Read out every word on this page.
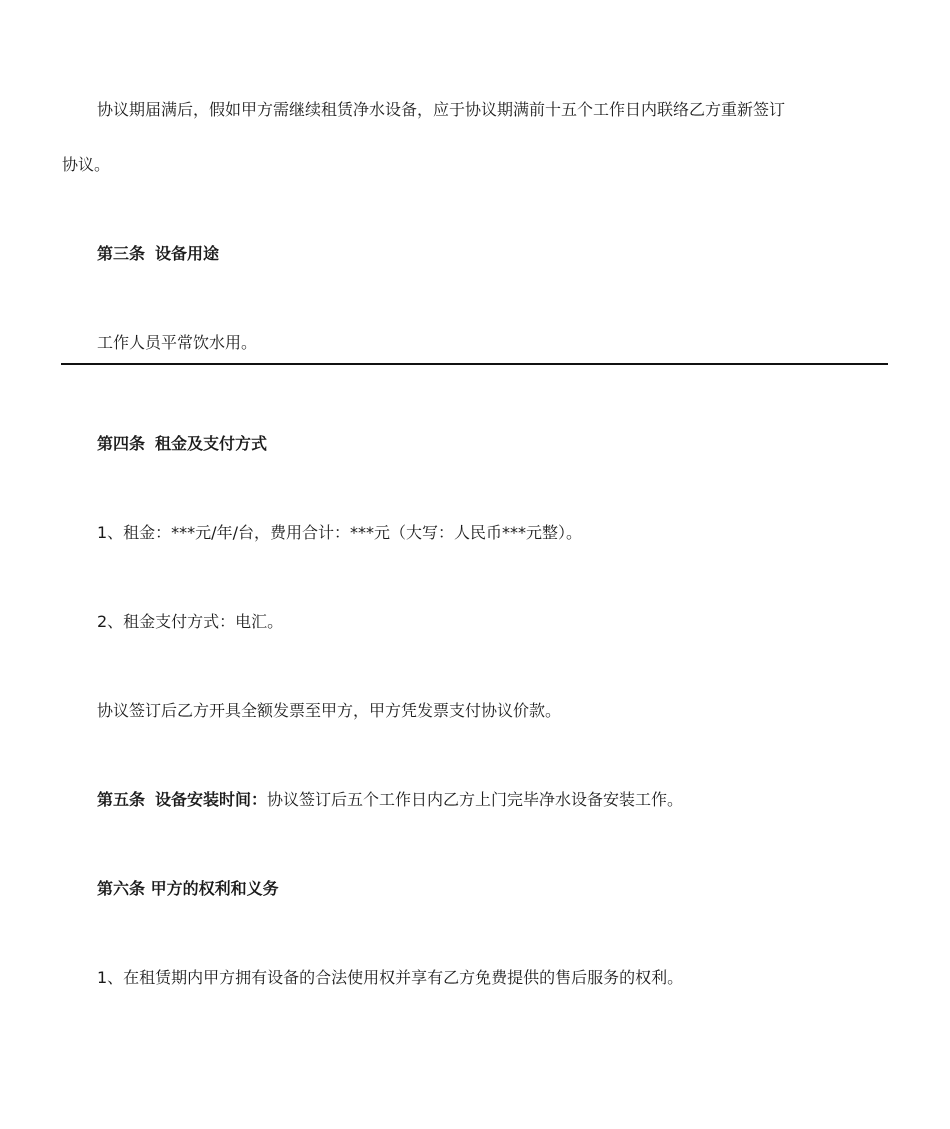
协议期届满后，假如甲方需继续租赁净水设备，应于协议期满前十五个工作日内联络乙方重新签订

协议。

第三条 设备用途

工作人员平常饮水用。

第四条 租金及支付方式

1、租金：***元/年/台，费用合计：***元（大写：人民币***元整）。

2、租金支付方式：电汇。

协议签订后乙方开具全额发票至甲方，甲方凭发票支付协议价款。

第五条 设备安装时间：协议签订后五个工作日内乙方上门完毕净水设备安装工作。

第六条 甲方的权利和义务

1、在租赁期内甲方拥有设备的合法使用权并享有乙方免费提供的售后服务的权利。
